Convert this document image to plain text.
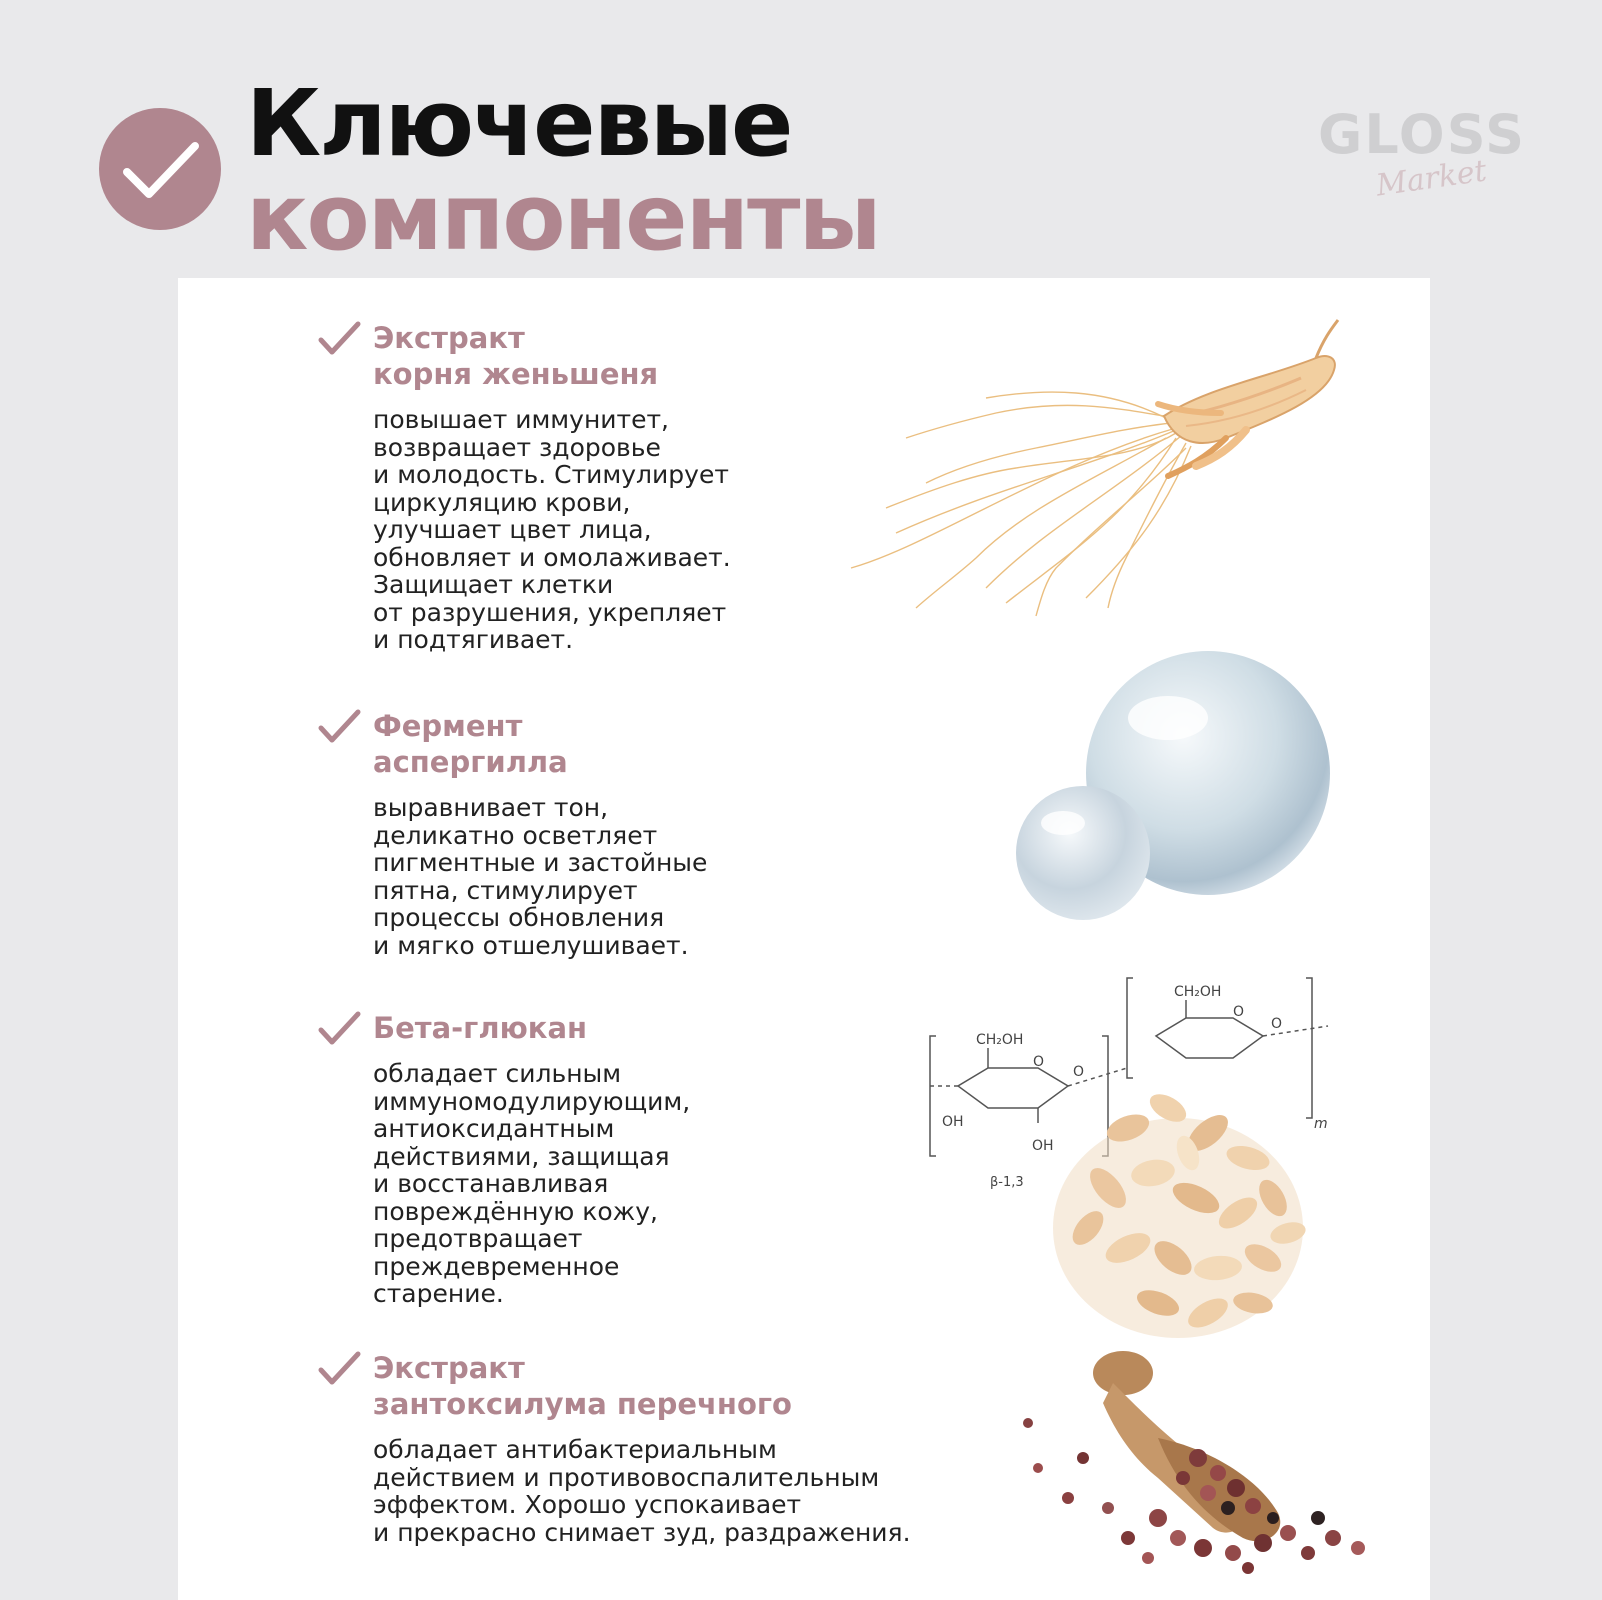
Ключевые
компоненты
GLOSS
Market
Экстракт
корня женьшеня
повышает иммунитет,
возвращает здоровье
и молодость. Стимулирует
циркуляцию крови,
улучшает цвет лица,
обновляет и омолаживает.
Защищает клетки
от разрушения, укрепляет
и подтягивает.
Фермент
аспергилла
выравнивает тон,
деликатно осветляет
пигментные и застойные
пятна, стимулирует
процессы обновления
и мягко отшелушивает.
Бета-глюкан
обладает сильным
иммуномодулирующим,
антиоксидантным
действиями, защищая
и восстанавливая
повреждённую кожу,
предотвращает
преждевременное
старение.
Экстракт
зантоксилума перечного
обладает антибактериальным
действием и противовоспалительным
эффектом. Хорошо успокаивает
и прекрасно снимает зуд, раздражения.
CH₂OH
CH₂OH
O
O
O
O
OH
OH
β-1,3
m
